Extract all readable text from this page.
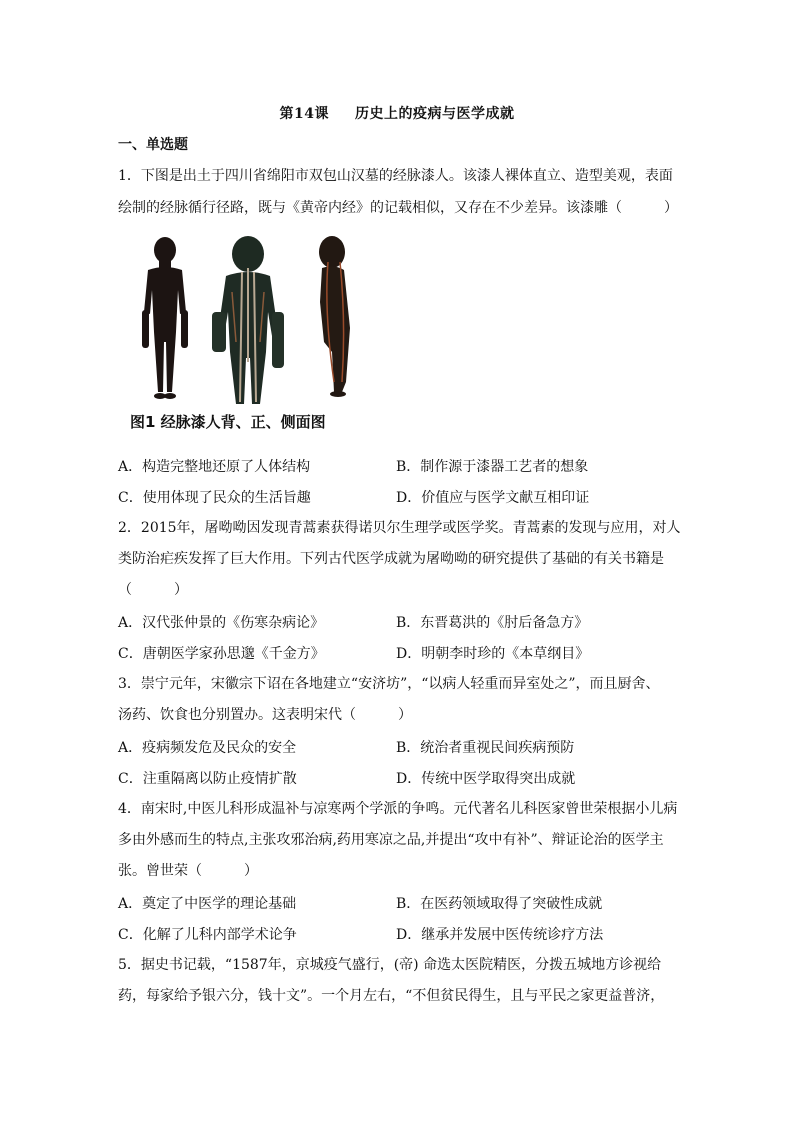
第14课 历史上的疫病与医学成就
一、单选题
1．下图是出土于四川省绵阳市双包山汉墓的经脉漆人。该漆人裸体直立、造型美观，表面
绘制的经脉循行径路，既与《黄帝内经》的记载相似，又存在不少差异。该漆雕（　　　）
图1 经脉漆人背、正、侧面图
A．构造完整地还原了人体结构	B．制作源于漆器工艺者的想象
C．使用体现了民众的生活旨趣	D．价值应与医学文献互相印证
2．2015年，屠呦呦因发现青蒿素获得诺贝尔生理学或医学奖。青蒿素的发现与应用，对人
类防治疟疾发挥了巨大作用。下列古代医学成就为屠呦呦的研究提供了基础的有关书籍是
（　　　）
A．汉代张仲景的《伤寒杂病论》	B．东晋葛洪的《肘后备急方》
C．唐朝医学家孙思邈《千金方》	D．明朝李时珍的《本草纲目》
3．崇宁元年，宋徽宗下诏在各地建立“安济坊”，“以病人轻重而异室处之”，而且厨舍、
汤药、饮食也分别置办。这表明宋代（　　　）
A．疫病频发危及民众的安全	B．统治者重视民间疾病预防
C．注重隔离以防止疫情扩散	D．传统中医学取得突出成就
4．南宋时,中医儿科形成温补与凉寒两个学派的争鸣。元代著名儿科医家曾世荣根据小儿病
多由外感而生的特点,主张攻邪治病,药用寒凉之品,并提出“攻中有补”、辩证论治的医学主
张。曾世荣（　　　）
A．奠定了中医学的理论基础	B．在医药领域取得了突破性成就
C．化解了儿科内部学术论争	D．继承并发展中医传统诊疗方法
5．据史书记载，“1587年，京城疫气盛行，(帝) 命选太医院精医，分拨五城地方诊视给
药，每家给予银六分，钱十文”。一个月左右，“不但贫民得生，且与平民之家更益普济，
